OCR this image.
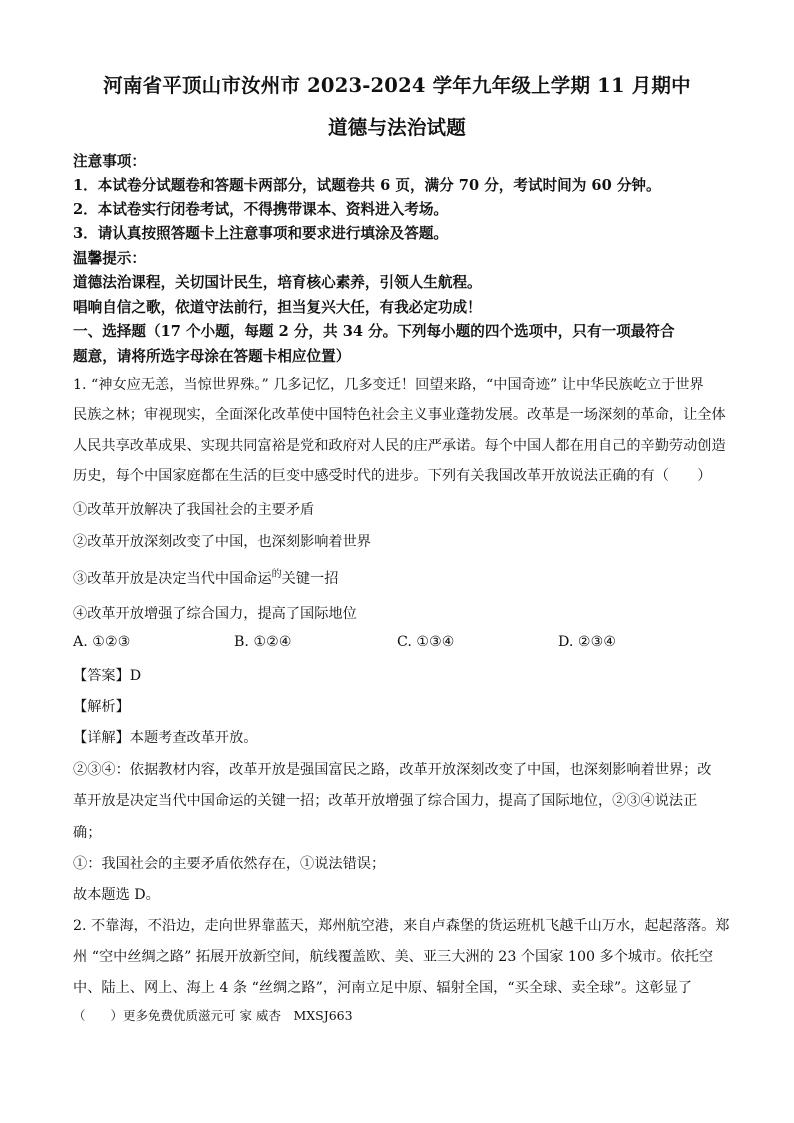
河南省平顶山市汝州市 2023-2024 学年九年级上学期 11 月期中
道德与法治试题
注意事项：
1．本试卷分试题卷和答题卡两部分，试题卷共 6 页，满分 70 分，考试时间为 60 分钟。
2．本试卷实行闭卷考试，不得携带课本、资料进入考场。
3．请认真按照答题卡上注意事项和要求进行填涂及答题。
温馨提示：
道德法治课程，关切国计民生，培育核心素养，引领人生航程。
唱响自信之歌，依道守法前行，担当复兴大任，有我必定功成！
一、选择题（17 个小题，每题 2 分，共 34 分。下列每小题的四个选项中，只有一项最符合
题意，请将所选字母涂在答题卡相应位置）
1. “神女应无恙，当惊世界殊。” 几多记忆，几多变迁！回望来路，“中国奇迹” 让中华民族屹立于世界
民族之林；审视现实，全面深化改革使中国特色社会主义事业蓬勃发展。改革是一场深刻的革命，让全体
人民共享改革成果、实现共同富裕是党和政府对人民的庄严承诺。每个中国人都在用自己的辛勤劳动创造
历史，每个中国家庭都在生活的巨变中感受时代的进步。下列有关我国改革开放说法正确的有（　　）
①改革开放解决了我国社会的主要矛盾
②改革开放深刻改变了中国，也深刻影响着世界
③改革开放是决定当代中国命运$^的$关键一招
④改革开放增强了综合国力，提高了国际地位
A. ①②③	B. ①②④	C. ①③④	D. ②③④
【答案】D
【解析】
【详解】本题考查改革开放。
②③④：依据教材内容，改革开放是强国富民之路，改革开放深刻改变了中国，也深刻影响着世界；改
革开放是决定当代中国命运的关键一招；改革开放增强了综合国力，提高了国际地位，②③④说法正
确；
①：我国社会的主要矛盾依然存在，①说法错误；
故本题选 D。
2. 不靠海，不沿边，走向世界靠蓝天，郑州航空港，来自卢森堡的货运班机飞越千山万水，起起落落。郑
州 “空中丝绸之路” 拓展开放新空间，航线覆盖欧、美、亚三大洲的 23 个国家 100 多个城市。依托空
中、陆上、网上、海上 4 条 “丝绸之路”，河南立足中原、辐射全国，“买全球、卖全球”。这彰显了
（　　）更多免费优质滋元可 家 威杏　MXSJ663
